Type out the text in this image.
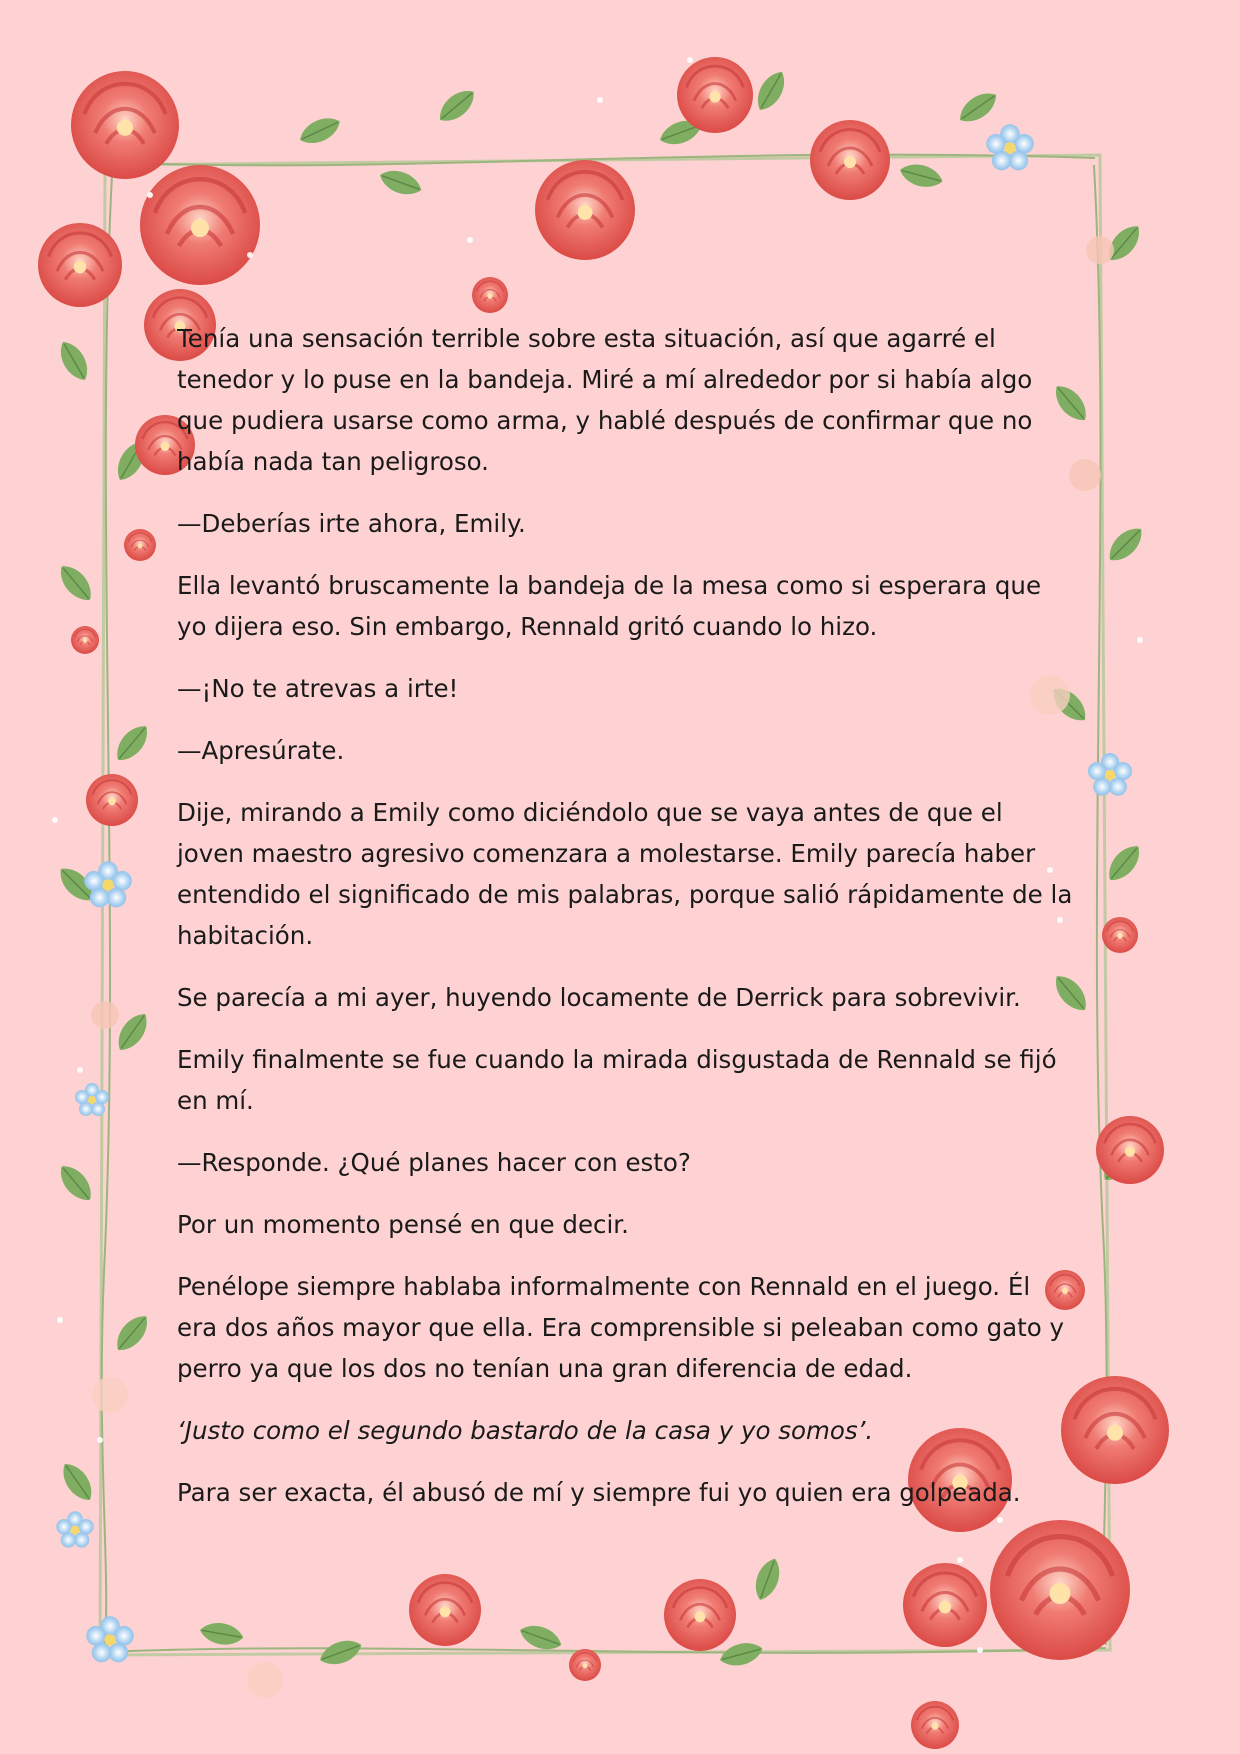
Tenía una sensación terrible sobre esta situación, así que agarré el tenedor y lo puse en la bandeja. Miré a mí alrededor por si había algo que pudiera usarse como arma, y hablé después de confirmar que no había nada tan peligroso.

—Deberías irte ahora, Emily.

Ella levantó bruscamente la bandeja de la mesa como si esperara que yo dijera eso. Sin embargo, Rennald gritó cuando lo hizo.

—¡No te atrevas a irte!

—Apresúrate.

Dije, mirando a Emily como diciéndolo que se vaya antes de que el joven maestro agresivo comenzara a molestarse. Emily parecía haber entendido el significado de mis palabras, porque salió rápidamente de la habitación.

Se parecía a mi ayer, huyendo locamente de Derrick para sobrevivir.

Emily finalmente se fue cuando la mirada disgustada de Rennald se fijó en mí.

—Responde. ¿Qué planes hacer con esto?

Por un momento pensé en que decir.

Penélope siempre hablaba informalmente con Rennald en el juego. Él era dos años mayor que ella. Era comprensible si peleaban como gato y perro ya que los dos no tenían una gran diferencia de edad.

‘Justo como el segundo bastardo de la casa y yo somos’.

Para ser exacta, él abusó de mí y siempre fui yo quien era golpeada.
